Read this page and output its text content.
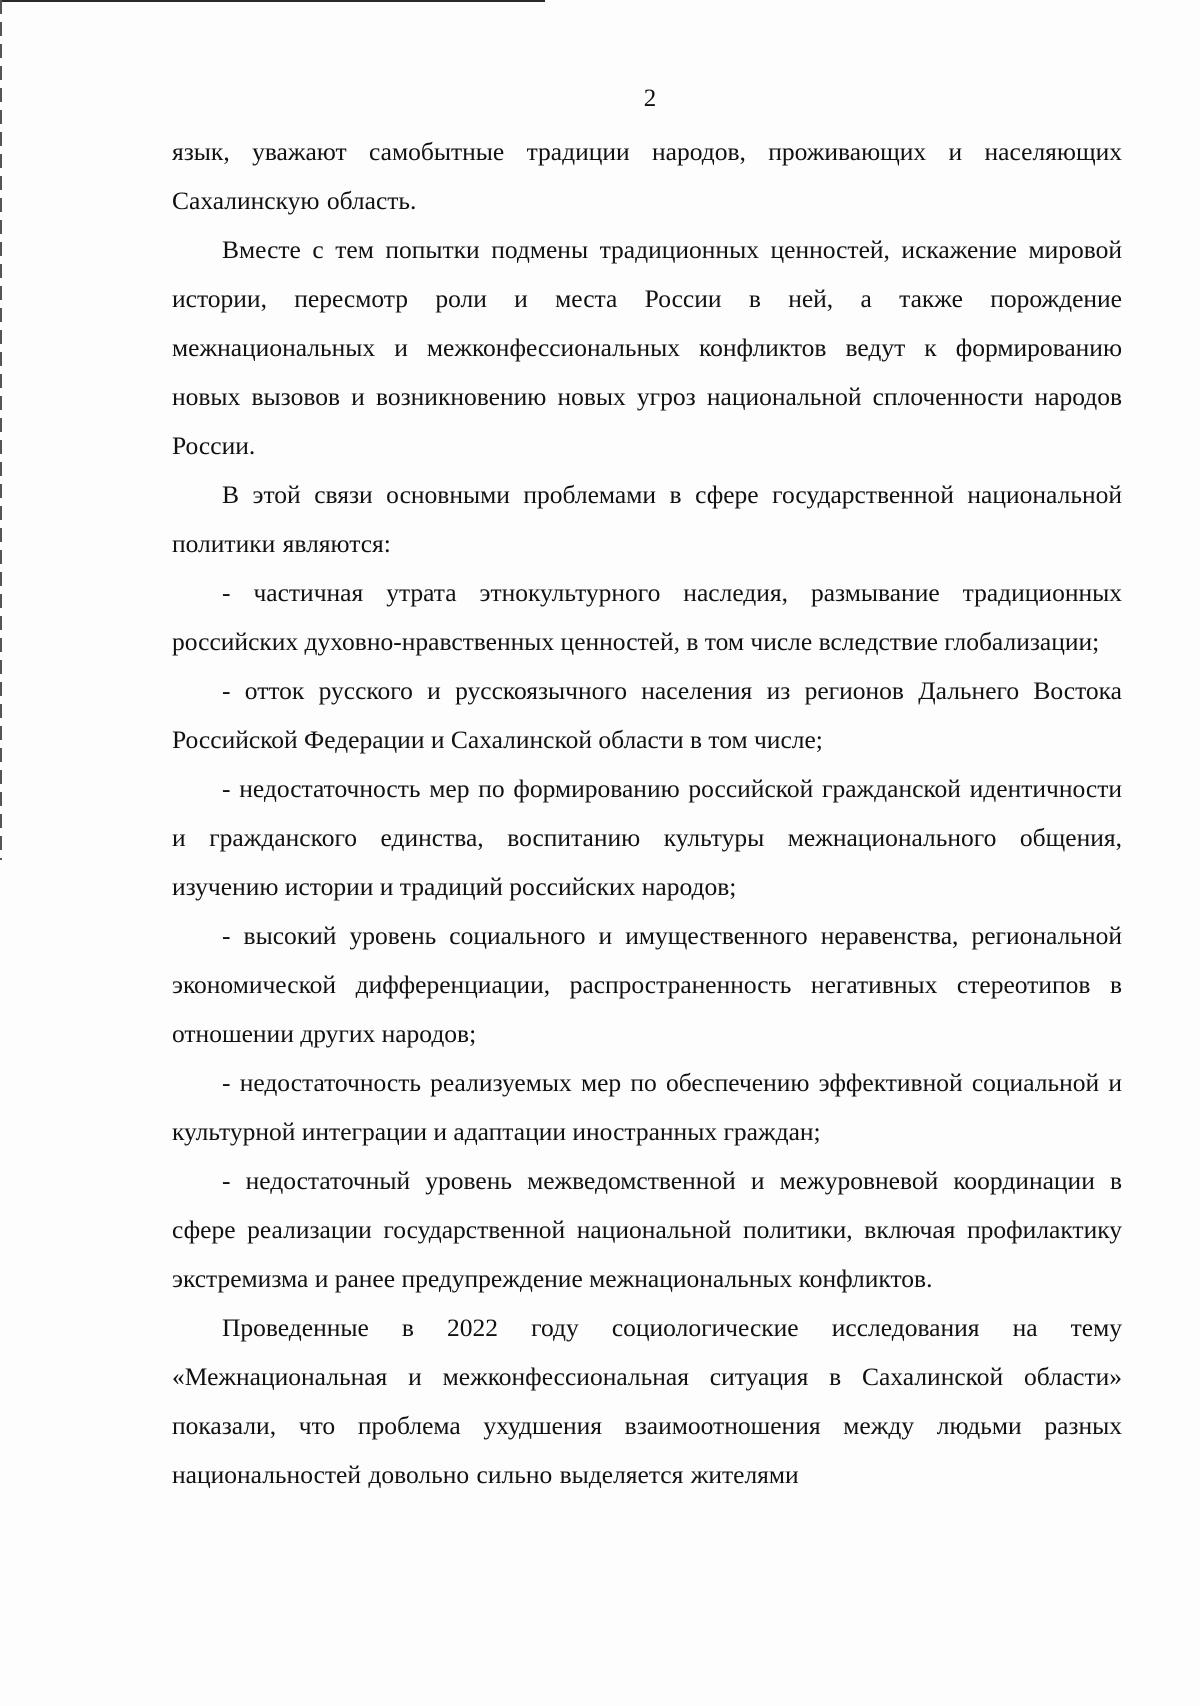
2

язык, уважают самобытные традиции народов, проживающих и населяющих Сахалинскую область.

Вместе с тем попытки подмены традиционных ценностей, искажение мировой истории, пересмотр роли и места России в ней, а также порождение межнациональных и межконфессиональных конфликтов ведут к формированию новых вызовов и возникновению новых угроз национальной сплоченности народов России.

В этой связи основными проблемами в сфере государственной национальной политики являются:

- частичная утрата этнокультурного наследия, размывание традиционных российских духовно-нравственных ценностей, в том числе вследствие глобализации;

- отток русского и русскоязычного населения из регионов Дальнего Востока Российской Федерации и Сахалинской области в том числе;

- недостаточность мер по формированию российской гражданской идентичности и гражданского единства, воспитанию культуры межнационального общения, изучению истории и традиций российских народов;

- высокий уровень социального и имущественного неравенства, региональной экономической дифференциации, распространенность негативных стереотипов в отношении других народов;

- недостаточность реализуемых мер по обеспечению эффективной социальной и культурной интеграции и адаптации иностранных граждан;

- недостаточный уровень межведомственной и межуровневой координации в сфере реализации государственной национальной политики, включая профилактику экстремизма и ранее предупреждение межнациональных конфликтов.

Проведенные в 2022 году социологические исследования на тему «Межнациональная и межконфессиональная ситуация в Сахалинской области» показали, что проблема ухудшения взаимоотношения между людьми разных национальностей довольно сильно выделяется жителями
